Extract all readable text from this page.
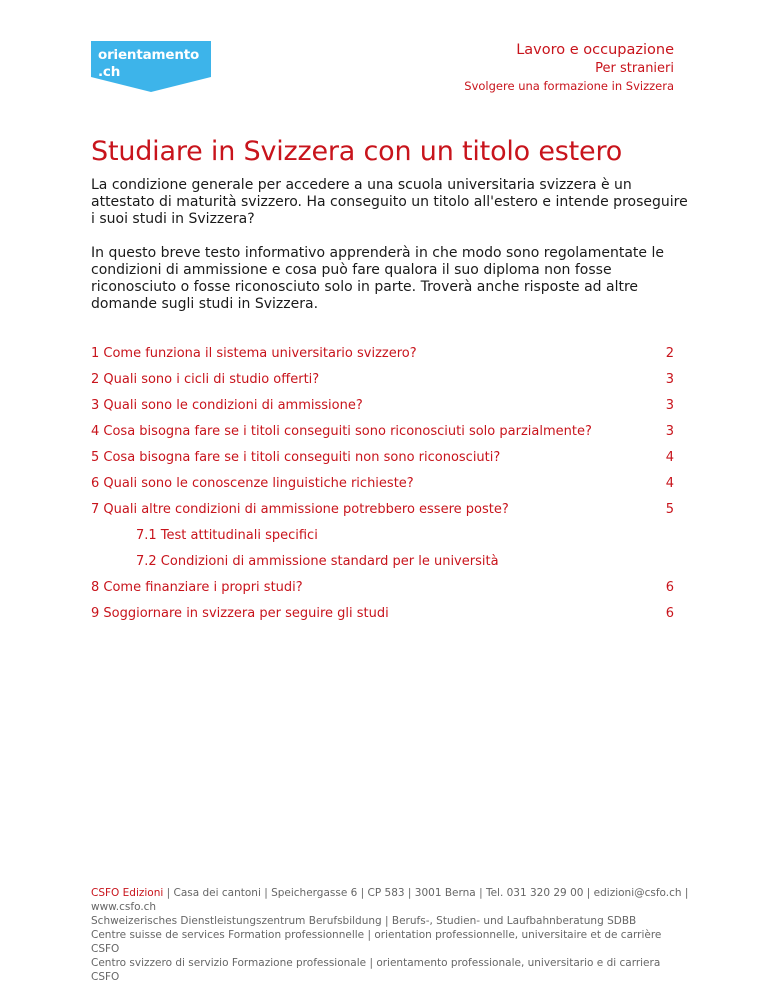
orientamento
.ch
Lavoro e occupazione
Per stranieri
Svolgere una formazione in Svizzera
Studiare in Svizzera con un titolo estero

La condizione generale per accedere a una scuola universitaria svizzera è un attestato di maturità svizzero. Ha conseguito un titolo all'estero e intende proseguire i suoi studi in Svizzera?

In questo breve testo informativo apprenderà in che modo sono regolamentate le condizioni di ammissione e cosa può fare qualora il suo diploma non fosse riconosciuto o fosse riconosciuto solo in parte. Troverà anche risposte ad altre domande sugli studi in Svizzera.

1 Come funziona il sistema universitario svizzero?	2
2 Quali sono i cicli di studio offerti?	3
3 Quali sono le condizioni di ammissione?	3
4 Cosa bisogna fare se i titoli conseguiti sono riconosciuti solo parzialmente?	3
5 Cosa bisogna fare se i titoli conseguiti non sono riconosciuti?	4
6 Quali sono le conoscenze linguistiche richieste?	4
7 Quali altre condizioni di ammissione potrebbero essere poste?	5
7.1 Test attitudinali specifici
7.2 Condizioni di ammissione standard per le università
8 Come finanziare i propri studi?	6
9 Soggiornare in svizzera per seguire gli studi	6
CSFO Edizioni | Casa dei cantoni | Speichergasse 6 | CP 583 | 3001 Berna | Tel. 031 320 29 00 | edizioni@csfo.ch | www.csfo.ch
Schweizerisches Dienstleistungszentrum Berufsbildung | Berufs-, Studien- und Laufbahnberatung SDBB
Centre suisse de services Formation professionnelle | orientation professionnelle, universitaire et de carrière CSFO
Centro svizzero di servizio Formazione professionale | orientamento professionale, universitario e di carriera CSFO
